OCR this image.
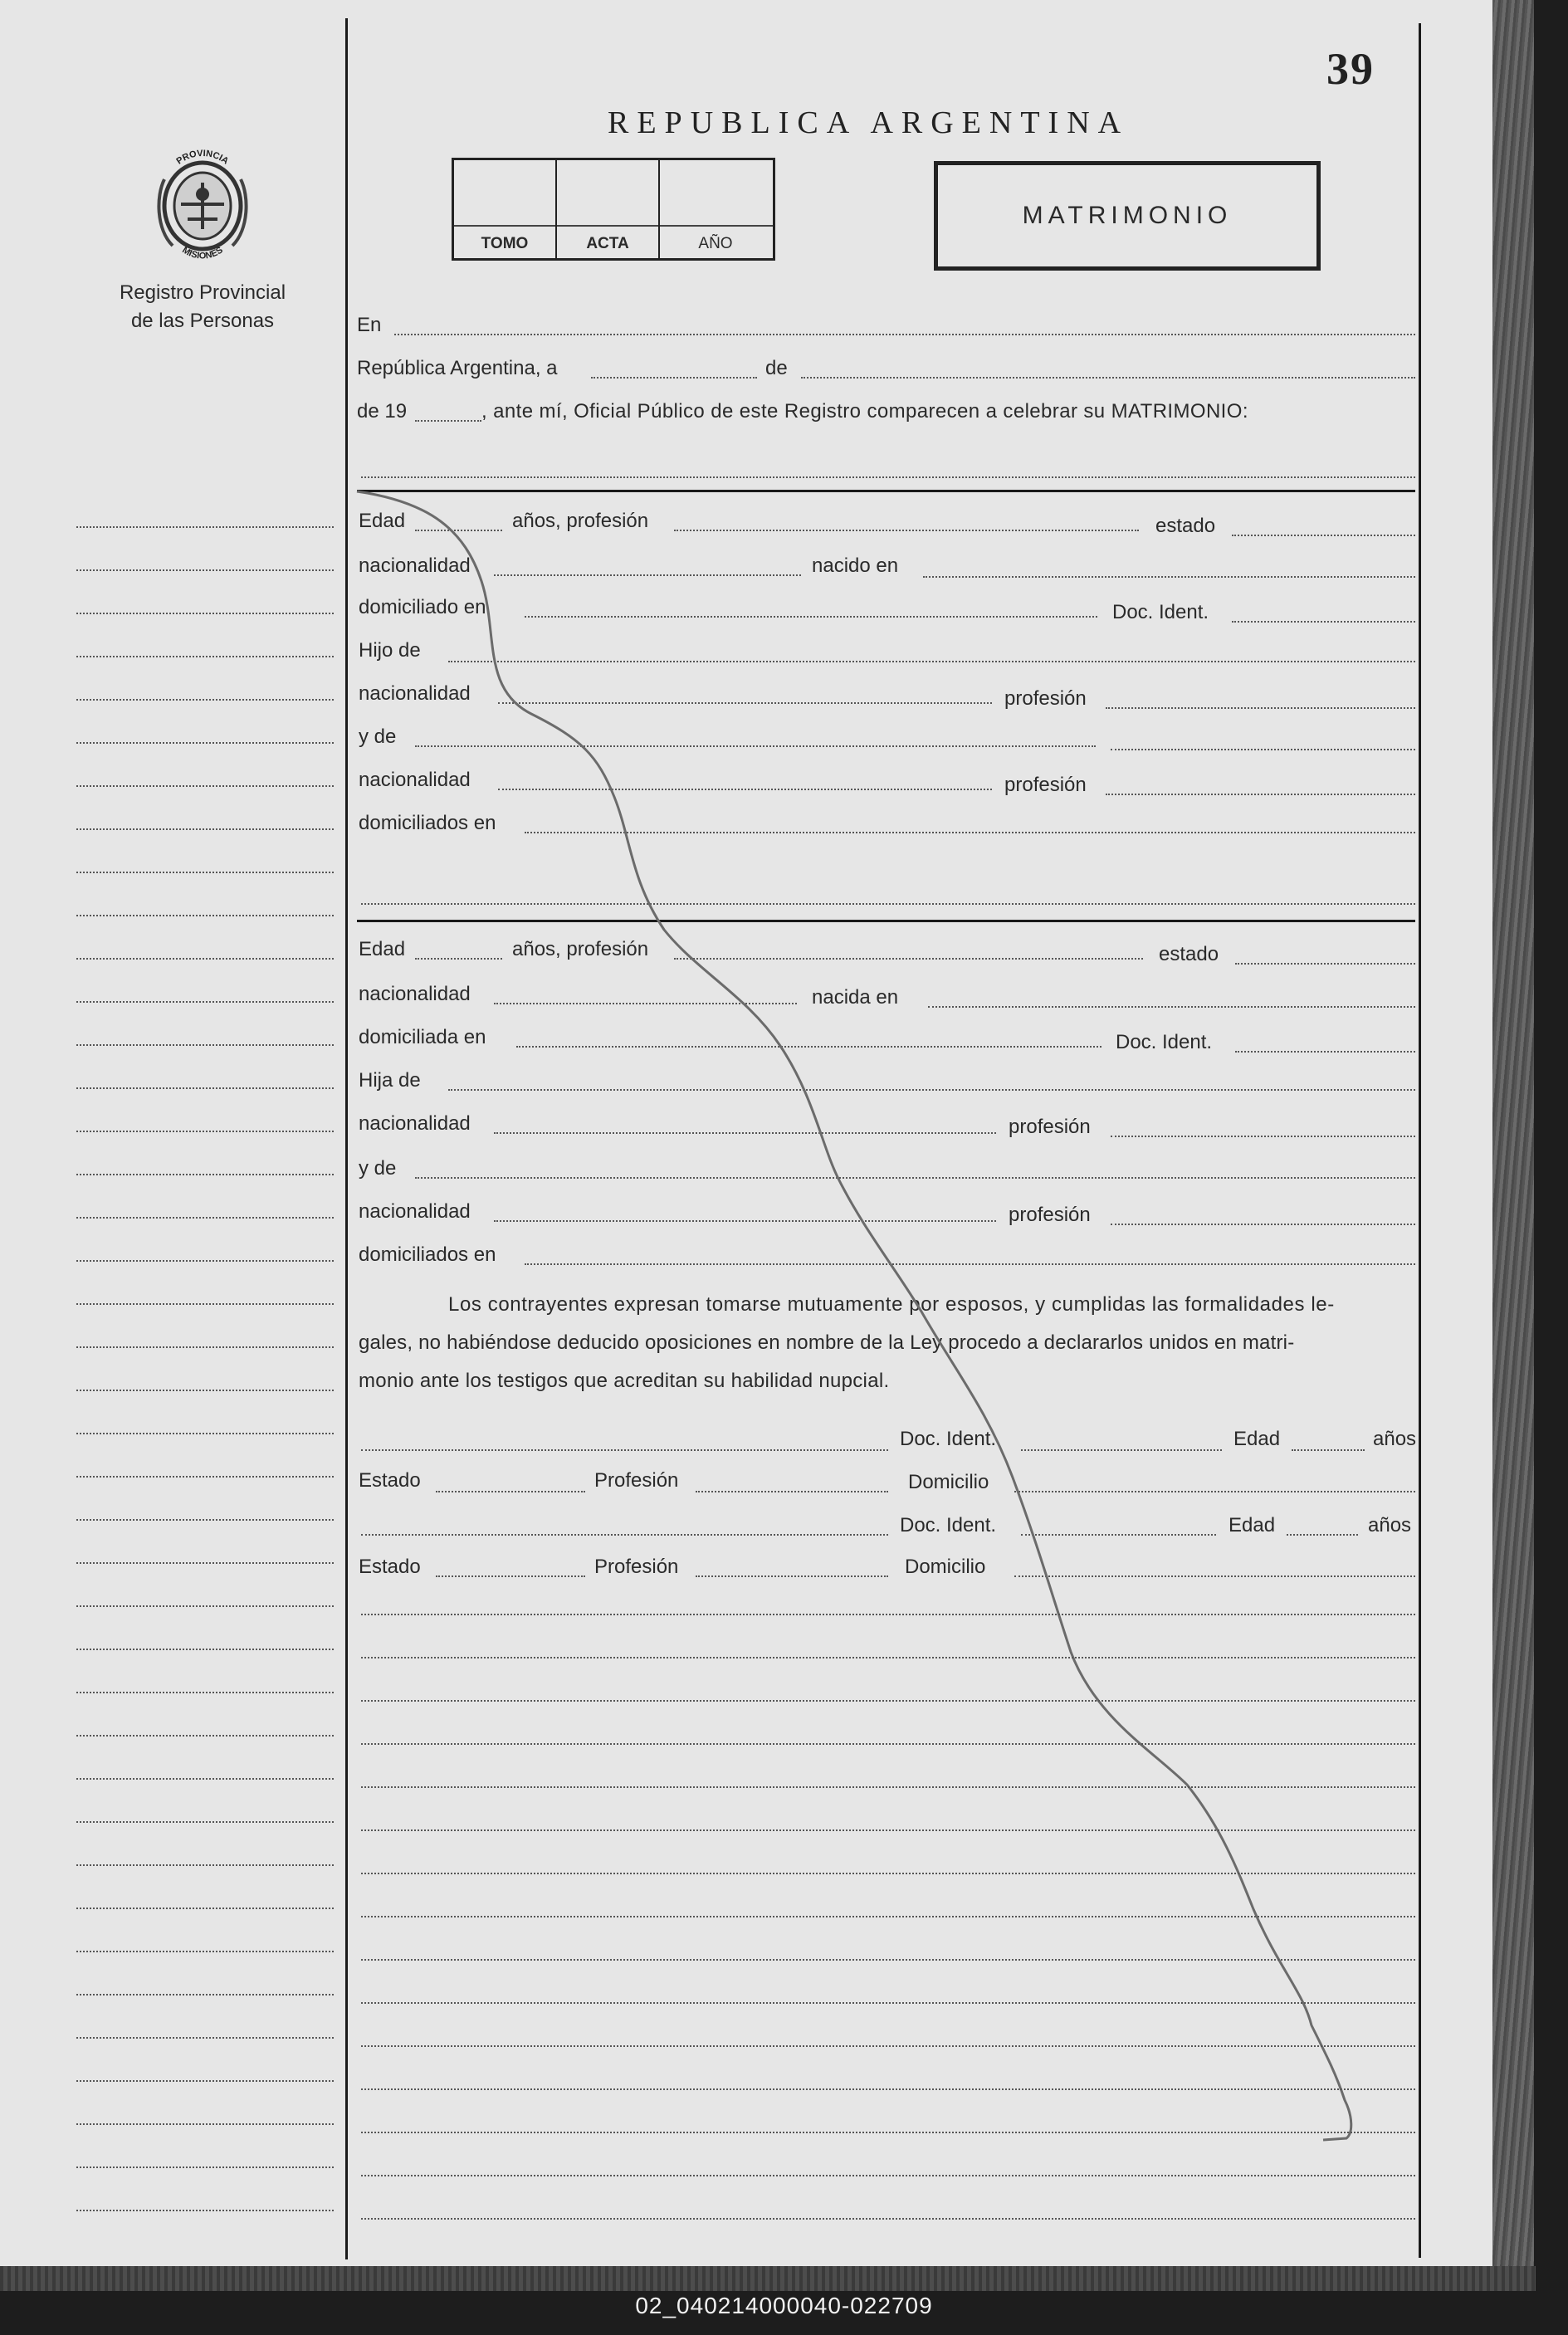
39
REPUBLICA ARGENTINA
TOMO	ACTA	AÑO
MATRIMONIO
PROVINCIA
MISIONES
Registro Provincial
de las Personas	En
República Argentina, a	de
de 19	, ante mí, Oficial Público de este Registro comparecen a celebrar su MATRIMONIO:
Edad	años, profesión	estado
nacionalidad	nacido en
domiciliado en	Doc. Ident.
Hijo de
nacionalidad	profesión
y de
nacionalidad	profesión
domiciliados en
Edad	años, profesión	estado
nacionalidad	nacida en
domiciliada en	Doc. Ident.
Hija de
nacionalidad	profesión
y de
nacionalidad	profesión
domiciliados en
Los contrayentes expresan tomarse mutuamente por esposos, y cumplidas las formalidades le-
gales, no habiéndose deducido oposiciones en nombre de la Ley procedo a declararlos unidos en matri-
monio ante los testigos que acreditan su habilidad nupcial.
Doc. Ident.	Edad	años
Estado	Profesión	Domicilio
Doc. Ident.	Edad	años
Estado	Profesión	Domicilio
02_040214000040-022709
